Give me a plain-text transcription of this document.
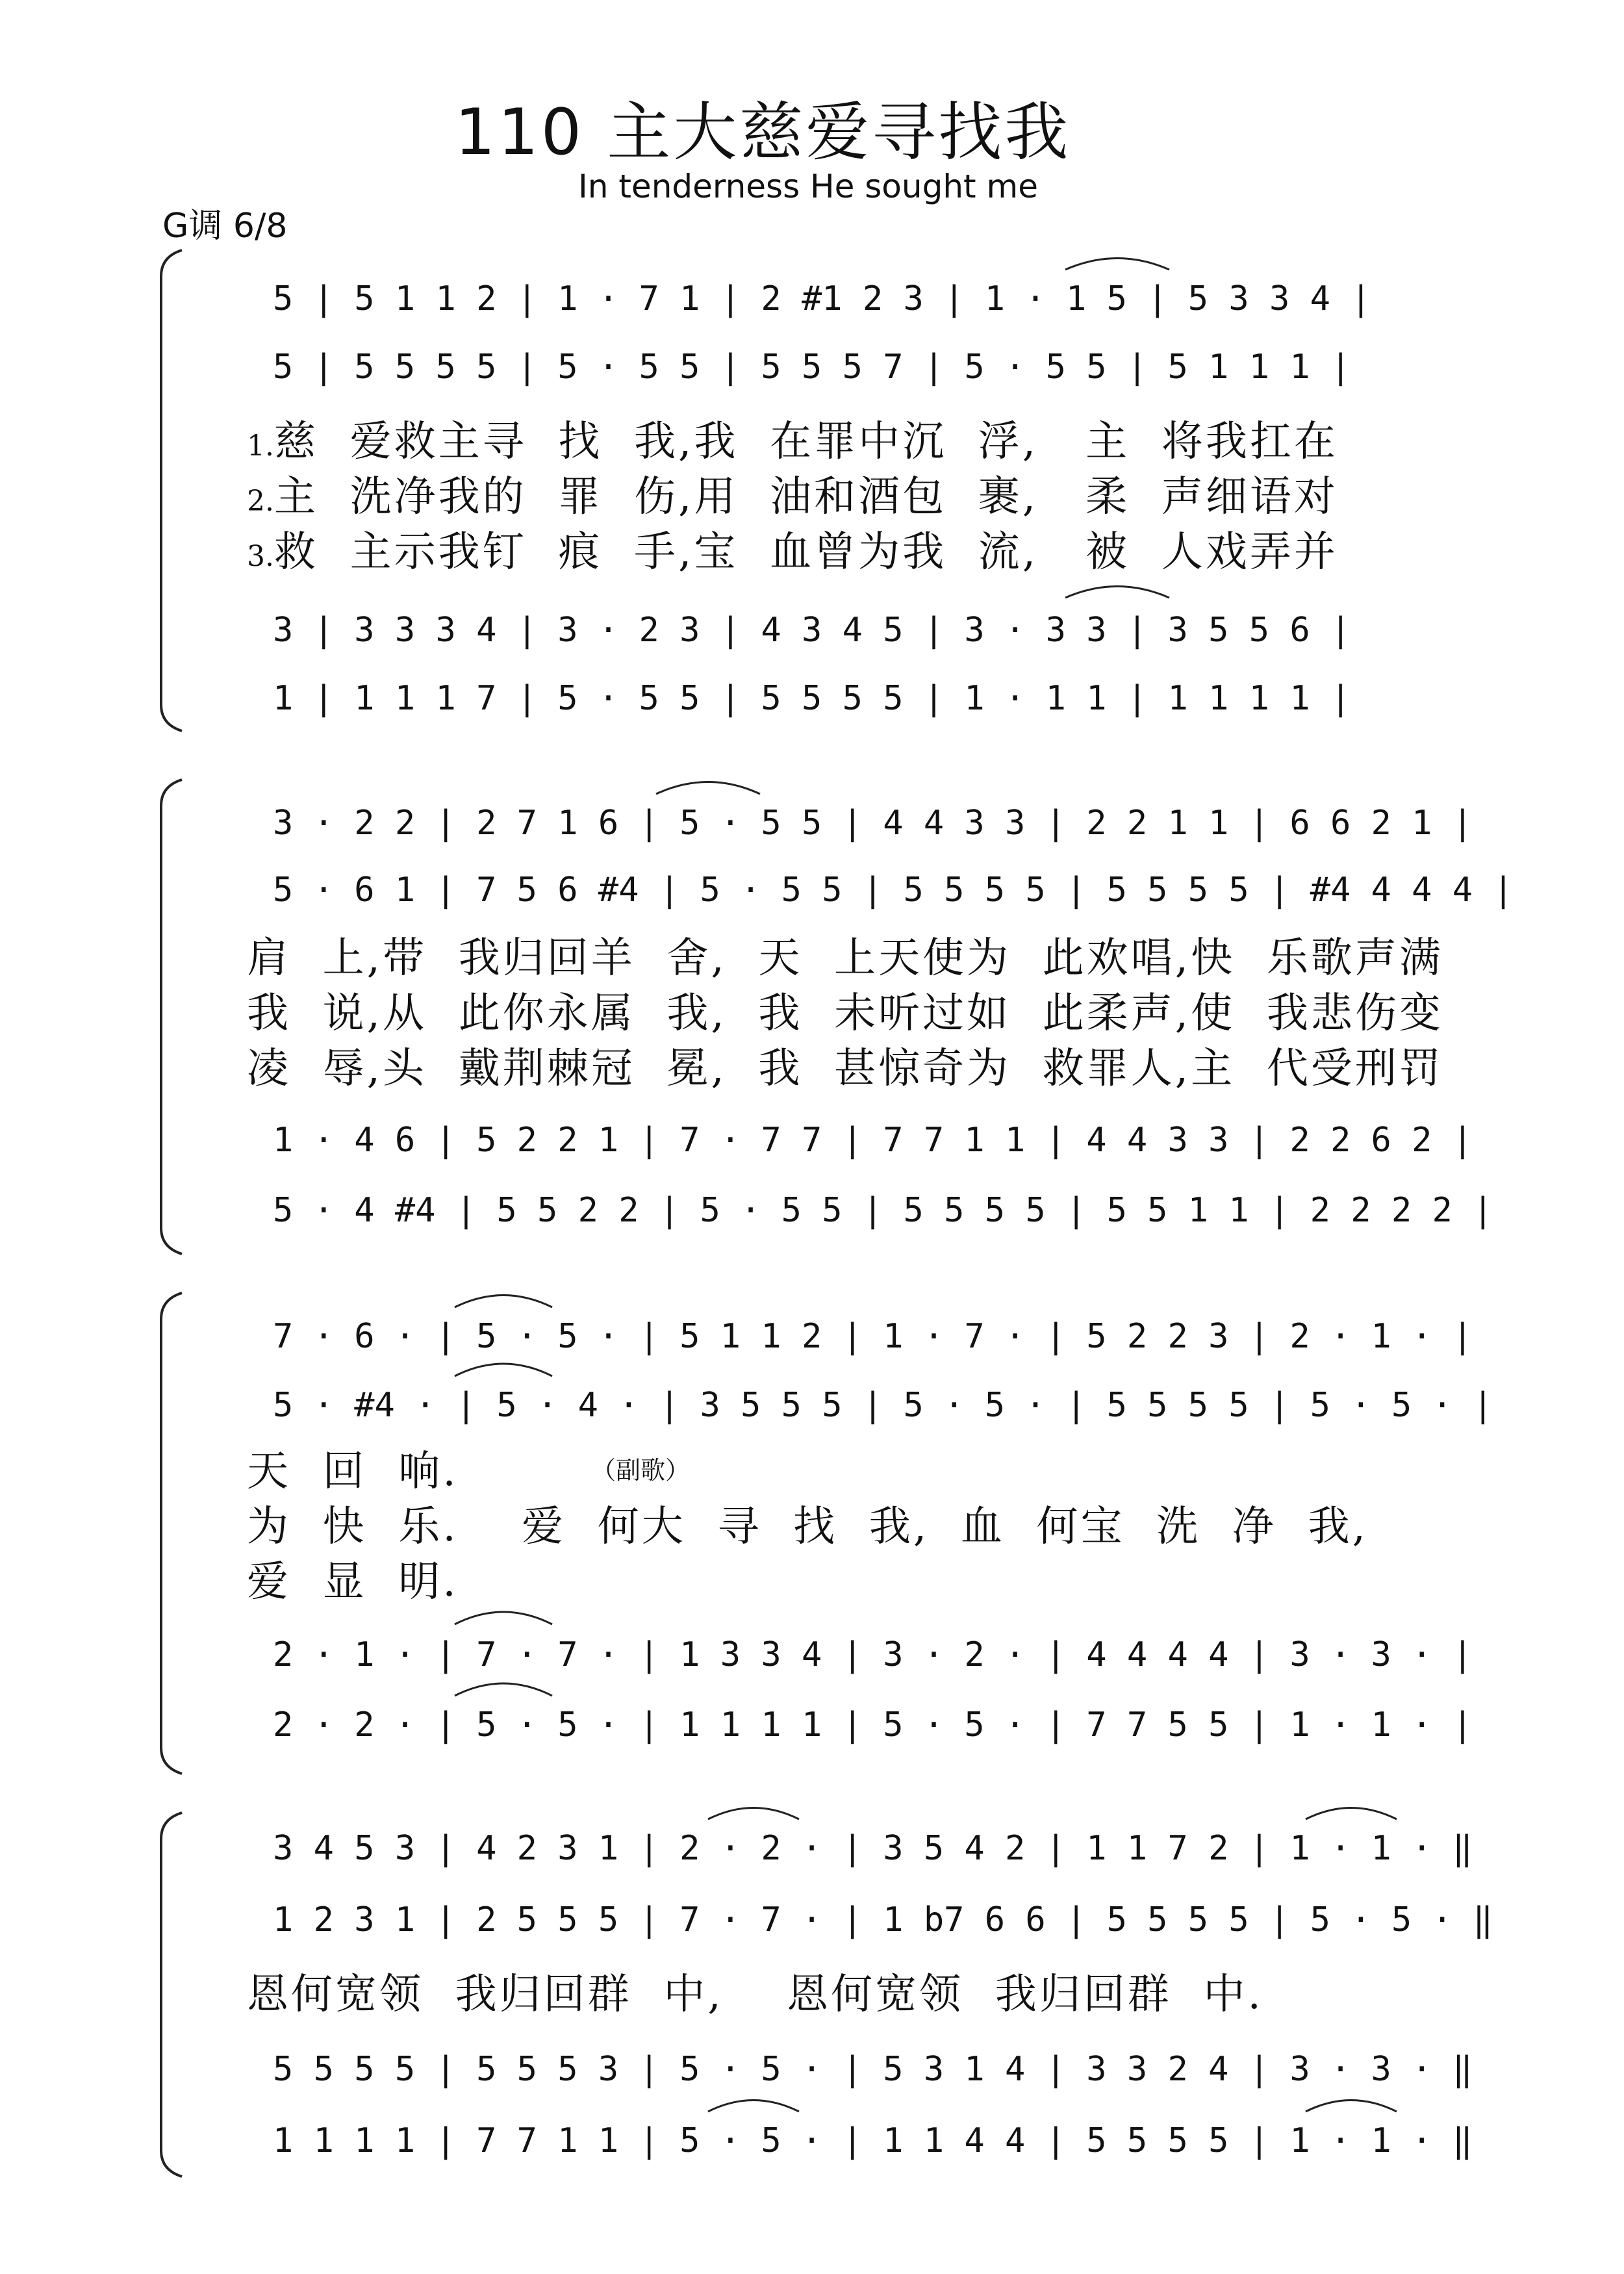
110 主大慈爱寻找我
In tenderness He sought me
G调 6/8
5 | 5 1 1 2 | 1 · 7 1 | 2 #1 2 3 | 1 · 1 5 | 5 3 3 4 |
5 | 5 5 5 5 | 5 · 5 5 | 5 5 5 7 | 5 · 5 5 | 5 1 1 1 |
1.慈  爱救主寻  找  我,我  在罪中沉  浮,   主  将我扛在
2.主  洗净我的  罪  伤,用  油和酒包  裹,   柔  声细语对
3.救  主示我钉  痕  手,宝  血曾为我  流,   被  人戏弄并
3 | 3 3 3 4 | 3 · 2 3 | 4 3 4 5 | 3 · 3 3 | 3 5 5 6 |
1 | 1 1 1 7 | 5 · 5 5 | 5 5 5 5 | 1 · 1 1 | 1 1 1 1 |
3 · 2 2 | 2 7 1 6 | 5 · 5 5 | 4 4 3 3 | 2 2 1 1 | 6 6 2 1 |
5 · 6 1 | 7 5 6 #4 | 5 · 5 5 | 5 5 5 5 | 5 5 5 5 | #4 4 4 4 |
肩  上,带  我归回羊  舍,  天  上天使为  此欢唱,快  乐歌声满
我  说,从  此你永属  我,  我  未听过如  此柔声,使  我悲伤变
凌  辱,头  戴荆棘冠  冕,  我  甚惊奇为  救罪人,主  代受刑罚
1 · 4 6 | 5 2 2 1 | 7 · 7 7 | 7 7 1 1 | 4 4 3 3 | 2 2 6 2 |
5 · 4 #4 | 5 5 2 2 | 5 · 5 5 | 5 5 5 5 | 5 5 1 1 | 2 2 2 2 |
7 · 6 · | 5 · 5 · | 5 1 1 2 | 1 · 7 · | 5 2 2 3 | 2 · 1 · |
5 · #4 · | 5 · 4 · | 3 5 5 5 | 5 · 5 · | 5 5 5 5 | 5 · 5 · |
（副歌）
天  回  响.
为  快  乐.    爱  何大  寻  找  我,  血  何宝  洗  净  我,
爱  显  明.
2 · 1 · | 7 · 7 · | 1 3 3 4 | 3 · 2 · | 4 4 4 4 | 3 · 3 · |
2 · 2 · | 5 · 5 · | 1 1 1 1 | 5 · 5 · | 7 7 5 5 | 1 · 1 · |
3 4 5 3 | 4 2 3 1 | 2 · 2 · | 3 5 4 2 | 1 1 7 2 | 1 · 1 · ‖
1 2 3 1 | 2 5 5 5 | 7 · 7 · | 1 b7 6 6 | 5 5 5 5 | 5 · 5 · ‖
恩何宽领  我归回群  中,    恩何宽领  我归回群  中.
5 5 5 5 | 5 5 5 3 | 5 · 5 · | 5 3 1 4 | 3 3 2 4 | 3 · 3 · ‖
1 1 1 1 | 7 7 1 1 | 5 · 5 · | 1 1 4 4 | 5 5 5 5 | 1 · 1 · ‖
